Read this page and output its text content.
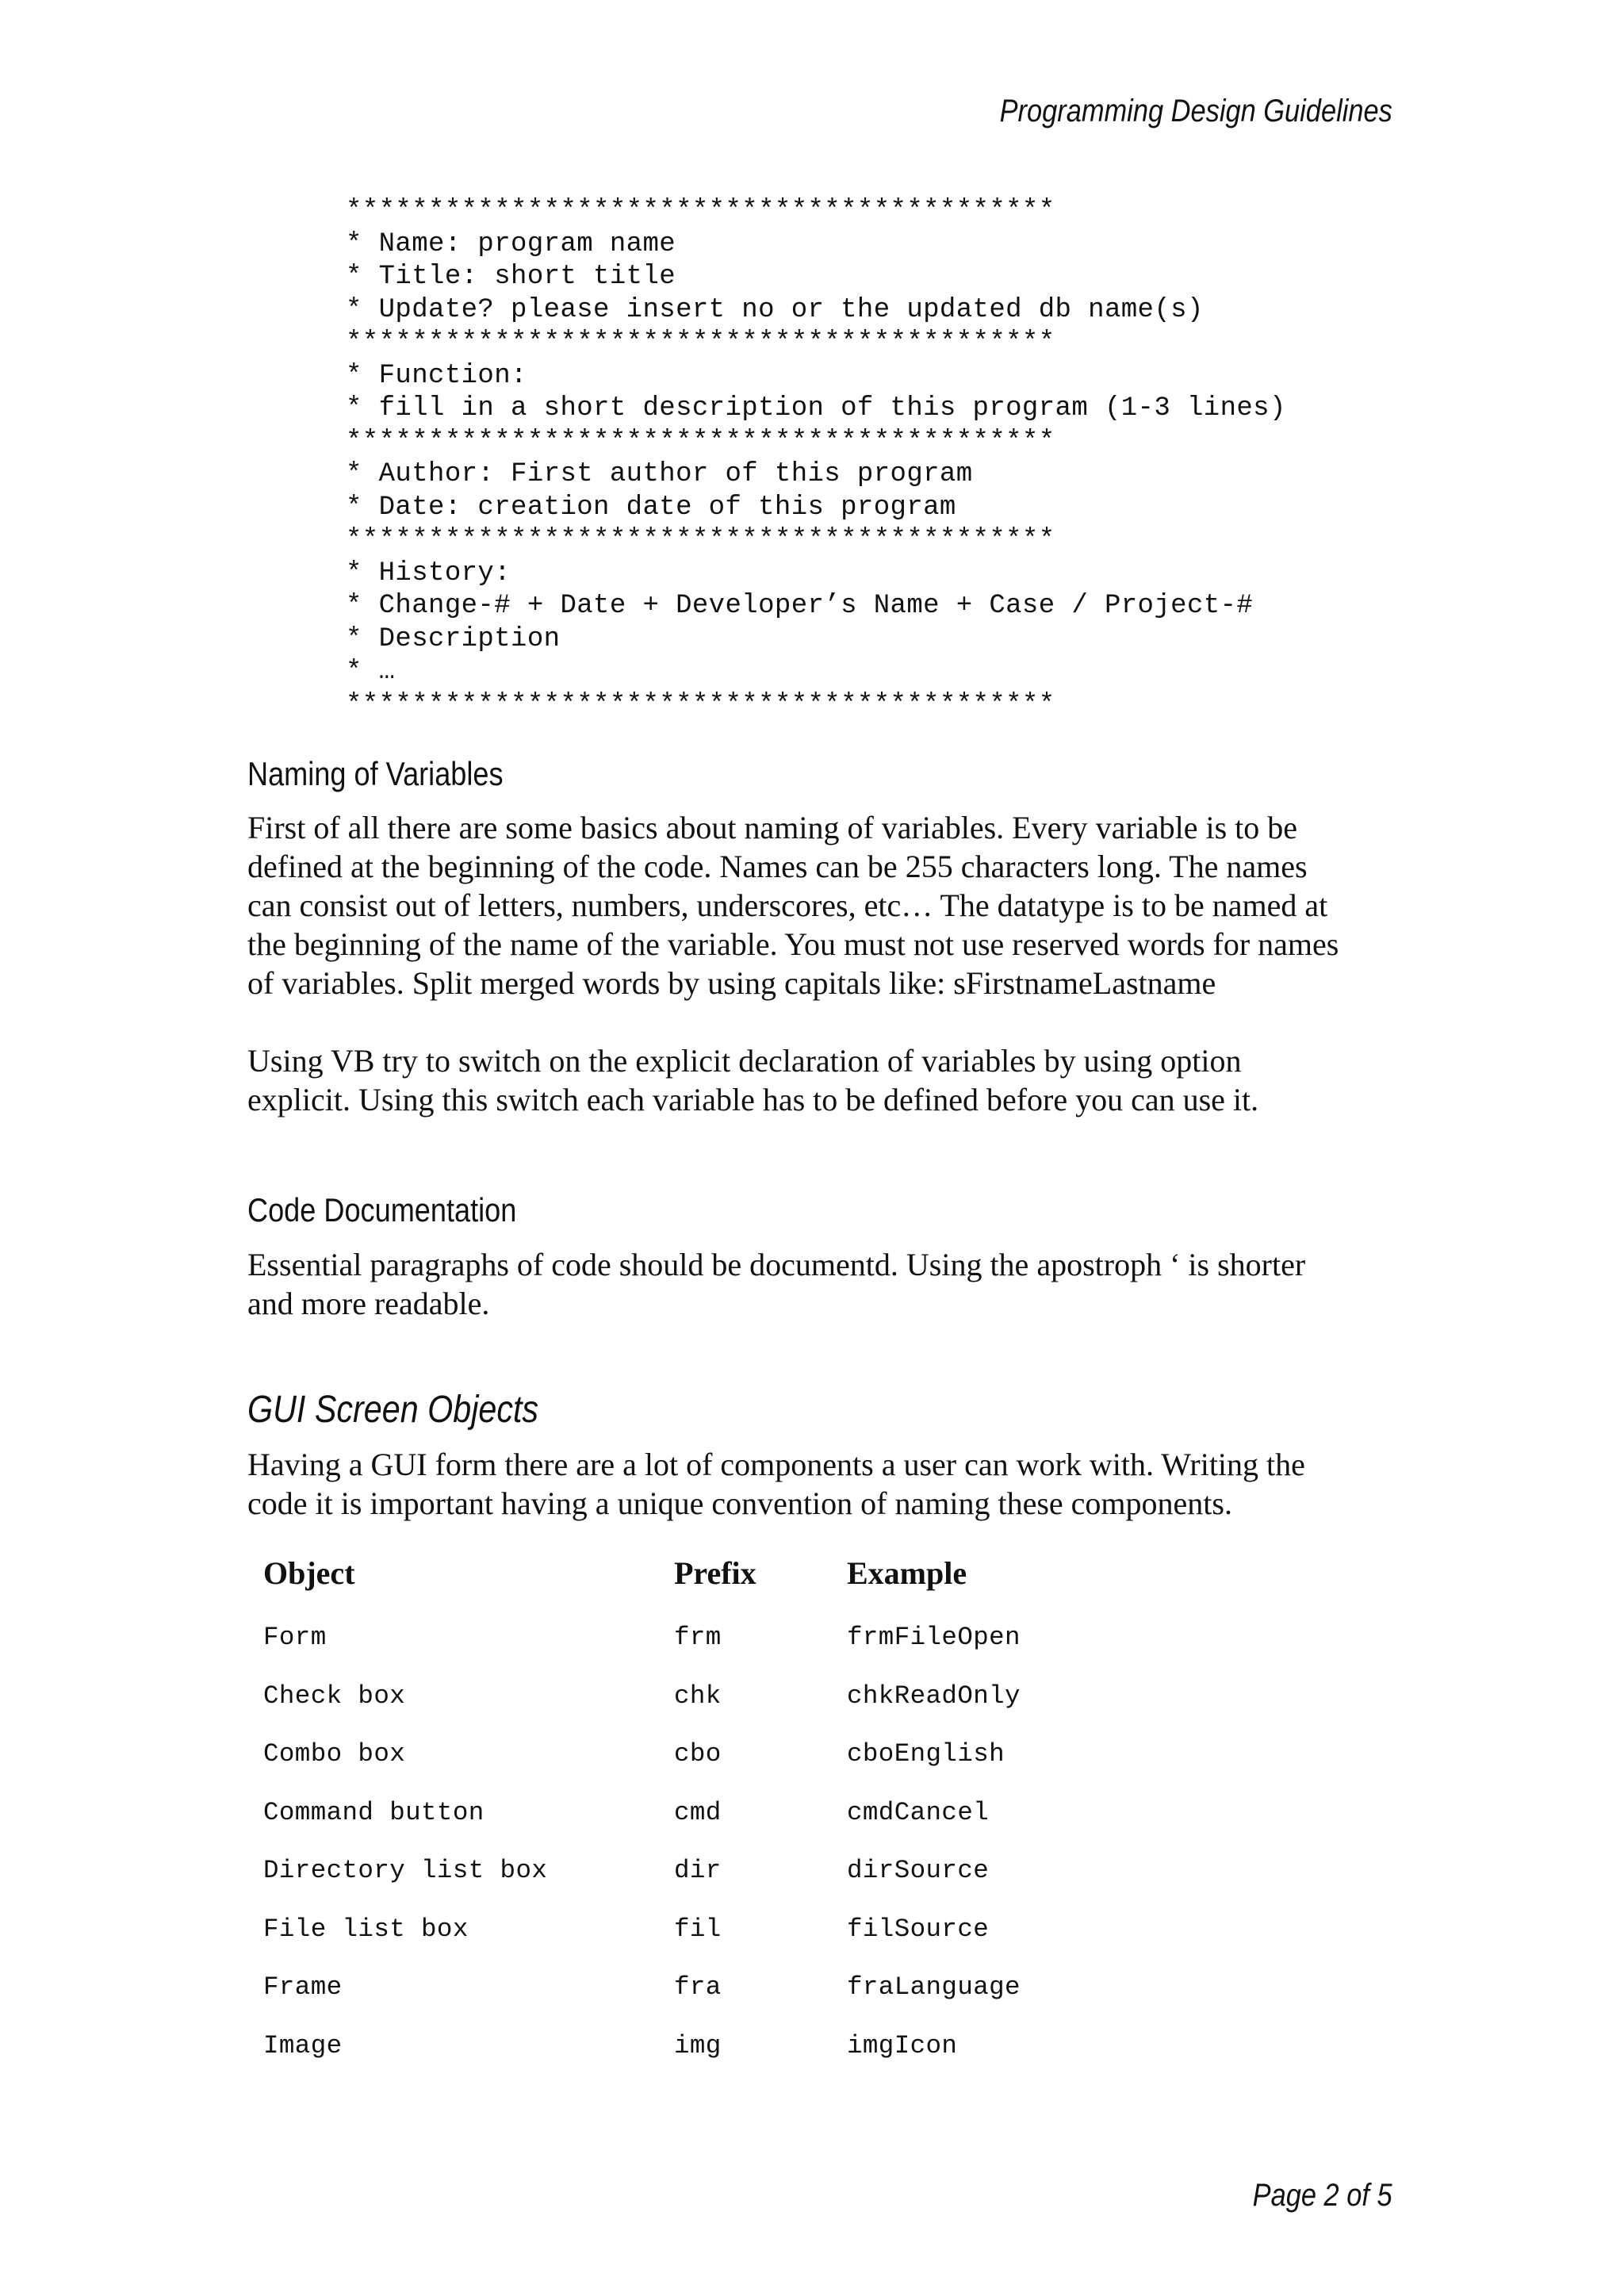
Programming Design Guidelines
*******************************************
* Name: program name
* Title: short title
* Update? please insert no or the updated db name(s)
*******************************************
* Function:
* fill in a short description of this program (1-3 lines)
*******************************************
* Author: First author of this program
* Date: creation date of this program
*******************************************
* History:
* Change-# + Date + Developer’s Name + Case / Project-#
* Description
* …
*******************************************
Naming of Variables
First of all there are some basics about naming of variables. Every variable is to be
defined at the beginning of the code. Names can be 255 characters long. The names
can consist out of letters, numbers, underscores, etc… The datatype is to be named at
the beginning of the name of the variable. You must not use reserved words for names
of variables. Split merged words by using capitals like: sFirstnameLastname
Using VB try to switch on the explicit declaration of variables by using option
explicit. Using this switch each variable has to be defined before you can use it.
Code Documentation
Essential paragraphs of code should be documentd. Using the apostroph ‘ is shorter
and more readable.
GUI Screen Objects
Having a GUI form there are a lot of components a user can work with. Writing the
code it is important having a unique convention of naming these components.
Object	Prefix	Example
Form	frm	frmFileOpen
Check box	chk	chkReadOnly
Combo box	cbo	cboEnglish
Command button	cmd	cmdCancel
Directory list box	dir	dirSource
File list box	fil	filSource
Frame	fra	fraLanguage
Image	img	imgIcon
Page 2 of 5
